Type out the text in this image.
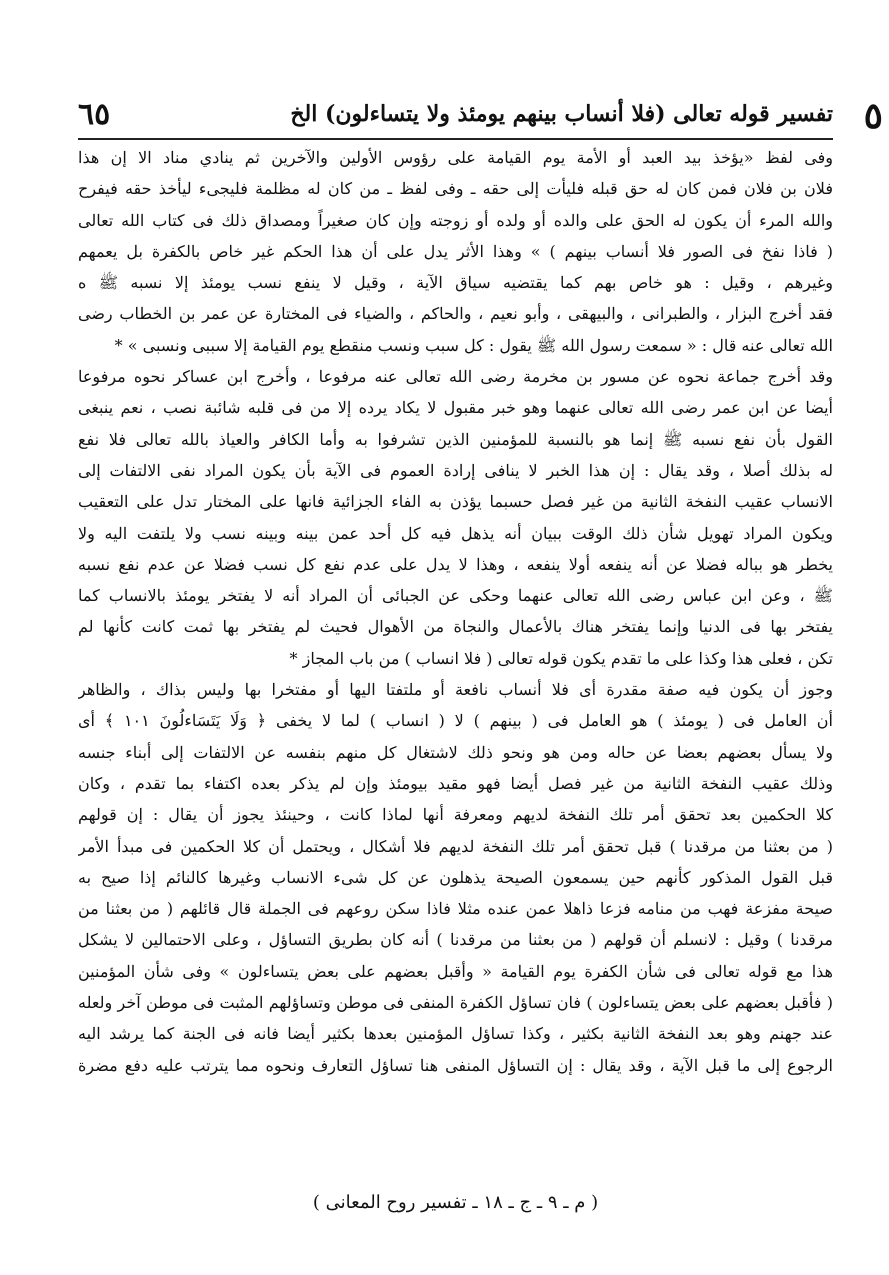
٥
تفسير قوله تعالى (فلا أنساب بينهم يومئذ ولا يتساءلون) الخ
٦٥
وفى لفظ «يؤخذ بيد العبد أو الأمة يوم القيامة على رؤوس الأولين والآخرين ثم ينادي مناد الا إن هذا
فلان بن فلان فمن كان له حق قبله فليأت إلى حقه ـ وفى لفظ ـ من كان له مظلمة فليجىء ليأخذ حقه فيفرح
والله المرء أن يكون له الحق على والده أو ولده أو زوجته وإن كان صغيراً ومصداق ذلك فى كتاب الله تعالى
( فاذا نفخ فى الصور فلا أنساب بينهم ) » وهذا الأثر يدل على أن هذا الحكم غير خاص بالكفرة بل يعمهم
وغيرهم ، وقيل : هو خاص بهم كما يقتضيه سياق الآية ، وقيل لا ينفع نسب يومئذ إلا نسبه ﷺ ه
فقد أخرج البزار ، والطبرانى ، والبيهقى ، وأبو نعيم ، والحاكم ، والضياء فى المختارة عن عمر بن الخطاب رضى
الله تعالى عنه قال : « سمعت رسول الله ﷺ يقول : كل سبب ونسب منقطع يوم القيامة إلا سببى ونسبى » *
وقد أخرج جماعة نحوه عن مسور بن مخرمة رضى الله تعالى عنه مرفوعا ، وأخرج ابن عساكر نحوه مرفوعا
أيضا عن ابن عمر رضى الله تعالى عنهما وهو خبر مقبول لا يكاد يرده إلا من فى قلبه شائبة نصب ، نعم ينبغى
القول بأن نفع نسبه ﷺ إنما هو بالنسبة للمؤمنين الذين تشرفوا به وأما الكافر والعياذ بالله تعالى فلا نفع
له بذلك أصلا ، وقد يقال : إن هذا الخبر لا ينافى إرادة العموم فى الآية بأن يكون المراد نفى الالتفات إلى
الانساب عقيب النفخة الثانية من غير فصل حسبما يؤذن به الفاء الجزائية فانها على المختار تدل على التعقيب
ويكون المراد تهويل شأن ذلك الوقت ببيان أنه يذهل فيه كل أحد عمن بينه وبينه نسب ولا يلتفت اليه ولا
يخطر هو بباله فضلا عن أنه ينفعه أولا ينفعه ، وهذا لا يدل على عدم نفع كل نسب فضلا عن عدم نفع نسبه
ﷺ ، وعن ابن عباس رضى الله تعالى عنهما وحكى عن الجبائى أن المراد أنه لا يفتخر يومئذ بالانساب كما
يفتخر بها فى الدنيا وإنما يفتخر هناك بالأعمال والنجاة من الأهوال فحيث لم يفتخر بها ثمت كانت كأنها لم
تكن ، فعلى هذا وكذا على ما تقدم يكون قوله تعالى ( فلا انساب ) من باب المجاز *
وجوز أن يكون فيه صفة مقدرة أى فلا أنساب نافعة أو ملتفتا اليها أو مفتخرا بها وليس بذاك ، والظاهر
أن العامل فى ( يومئذ ) هو العامل فى ( بينهم ) لا ( انساب ) لما لا يخفى ﴿ وَلَا يَتَسَاءلُونَ ١٠١ ﴾ أى
ولا يسأل بعضهم بعضا عن حاله ومن هو ونحو ذلك لاشتغال كل منهم بنفسه عن الالتفات إلى أبناء جنسه
وذلك عقيب النفخة الثانية من غير فصل أيضا فهو مقيد بيومئذ وإن لم يذكر بعده اكتفاء بما تقدم ، وكان
كلا الحكمين بعد تحقق أمر تلك النفخة لديهم ومعرفة أنها لماذا كانت ، وحينئذ يجوز أن يقال : إن قولهم
( من بعثنا من مرقدنا ) قبل تحقق أمر تلك النفخة لديهم فلا أشكال ، ويحتمل أن كلا الحكمين فى مبدأ الأمر
قبل القول المذكور كأنهم حين يسمعون الصيحة يذهلون عن كل شىء الانساب وغيرها كالنائم إذا صيح به
صيحة مفزعة فهب من منامه فزعا ذاهلا عمن عنده مثلا فاذا سكن روعهم فى الجملة قال قائلهم ( من بعثنا من
مرقدنا ) وقيل : لانسلم أن قولهم ( من بعثنا من مرقدنا ) أنه كان بطريق التساؤل ، وعلى الاحتمالين لا يشكل
هذا مع قوله تعالى فى شأن الكفرة يوم القيامة « وأقبل بعضهم على بعض يتساءلون » وفى شأن المؤمنين
( فأقبل بعضهم على بعض يتساءلون ) فان تساؤل الكفرة المنفى فى موطن وتساؤلهم المثبت فى موطن آخر ولعله
عند جهنم وهو بعد النفخة الثانية بكثير ، وكذا تساؤل المؤمنين بعدها بكثير أيضا فانه فى الجنة كما يرشد اليه
الرجوع إلى ما قبل الآية ، وقد يقال : إن التساؤل المنفى هنا تساؤل التعارف ونحوه مما يترتب عليه دفع مضرة
( م ـ ٩ ـ ج ـ ١٨ ـ تفسير روح المعانى )
